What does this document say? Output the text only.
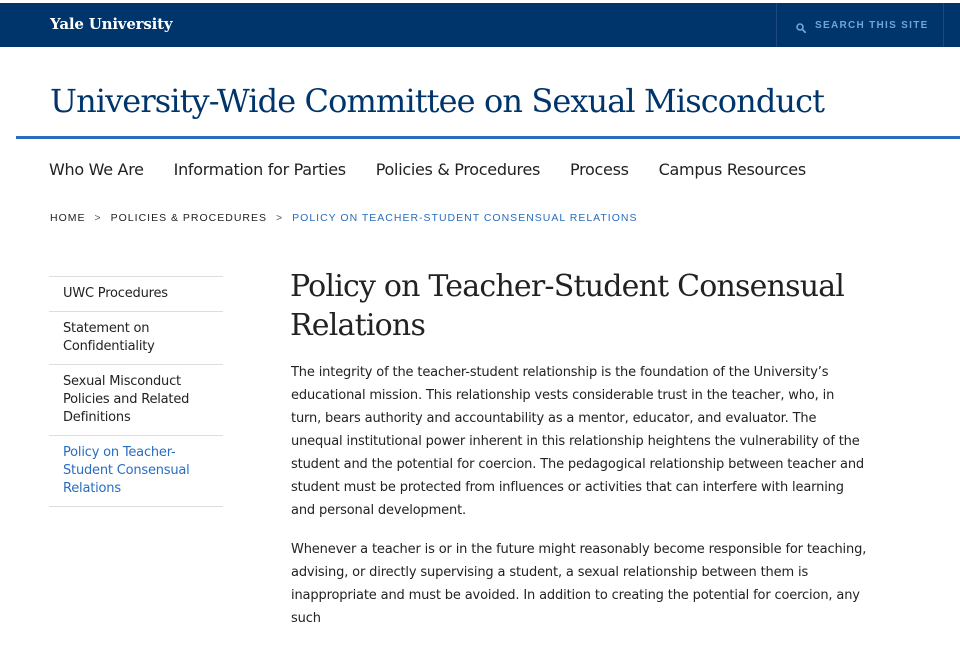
Yale University	SEARCH THIS SITE
University-Wide Committee on Sexual Misconduct
Who We Are Information for Parties Policies & Procedures Process Campus Resources
HOME > POLICIES & PROCEDURES > POLICY ON TEACHER-STUDENT CONSENSUAL RELATIONS
UWC Procedures
Statement on Confidentiality
Sexual Misconduct Policies and Related Definitions
Policy on Teacher-Student Consensual Relations
Policy on Teacher-Student Consensual Relations

The integrity of the teacher-student relationship is the foundation of the University’s educational mission. This relationship vests considerable trust in the teacher, who, in turn, bears authority and accountability as a mentor, educator, and evaluator. The unequal institutional power inherent in this relationship heightens the vulnerability of the student and the potential for coercion. The pedagogical relationship between teacher and student must be protected from influences or activities that can interfere with learning and personal development.

Whenever a teacher is or in the future might reasonably become responsible for teaching, advising, or directly supervising a student, a sexual relationship between them is inappropriate and must be avoided. In addition to creating the potential for coercion, any such
